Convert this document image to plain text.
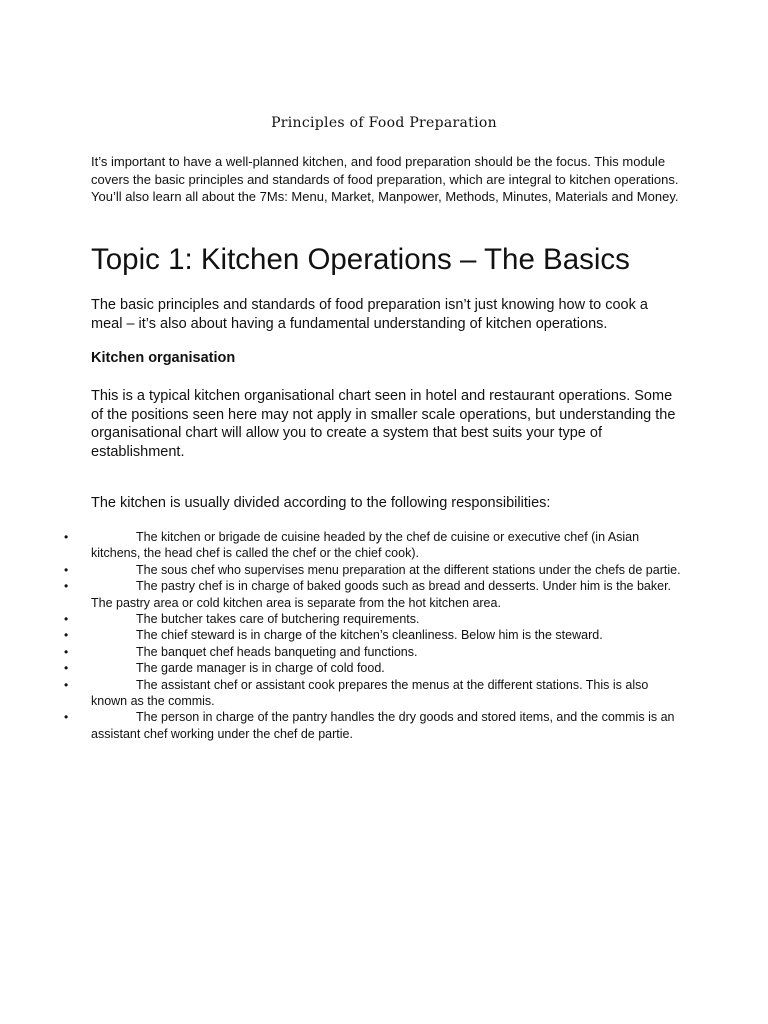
Principles of Food Preparation
It’s important to have a well-planned kitchen, and food preparation should be the focus. This module covers the basic principles and standards of food preparation, which are integral to kitchen operations. You’ll also learn all about the 7Ms: Menu, Market, Manpower, Methods, Minutes, Materials and Money.
Topic 1: Kitchen Operations – The Basics
The basic principles and standards of food preparation isn’t just knowing how to cook a meal – it’s also about having a fundamental understanding of kitchen operations.
Kitchen organisation
This is a typical kitchen organisational chart seen in hotel and restaurant operations. Some of the positions seen here may not apply in smaller scale operations, but understanding the organisational chart will allow you to create a system that best suits your type of establishment.
The kitchen is usually divided according to the following responsibilities:
•	The kitchen or brigade de cuisine headed by the chef de cuisine or executive chef (in Asian kitchens, the head chef is called the chef or the chief cook).
•	The sous chef who supervises menu preparation at the different stations under the chefs de partie.
•	The pastry chef is in charge of baked goods such as bread and desserts. Under him is the baker. The pastry area or cold kitchen area is separate from the hot kitchen area.
•	The butcher takes care of butchering requirements.
•	The chief steward is in charge of the kitchen’s cleanliness. Below him is the steward.
•	The banquet chef heads banqueting and functions.
•	The garde manager is in charge of cold food.
•	The assistant chef or assistant cook prepares the menus at the different stations. This is also known as the commis.
•	The person in charge of the pantry handles the dry goods and stored items, and the commis is an assistant chef working under the chef de partie.
